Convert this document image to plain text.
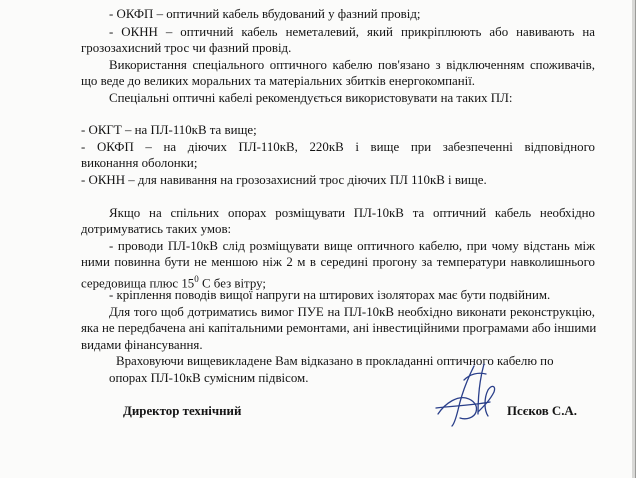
- ОКФП – оптичний кабель вбудований у фазний провід;
- ОКНН – оптичний кабель неметалевий, який прикріплюють або навивають на
грозозахисний трос чи фазний провід.
Використання спеціального оптичного кабелю пов'язано з відключенням споживачів,
що веде до великих моральних та матеріальних збитків енергокомпанії.
Спеціальні оптичні кабелі рекомендується використовувати на таких ПЛ:
- ОКГТ – на ПЛ-110кВ та вище;
- ОКФП – на діючих ПЛ-110кВ, 220кВ і вище при забезпеченні відповідного
виконання оболонки;
- ОКНН – для навивання на грозозахисний трос діючих ПЛ 110кВ і вище.
Якщо на спільних опорах розміщувати ПЛ-10кВ та оптичний кабель необхідно
дотримуватись таких умов:
- проводи ПЛ-10кВ слід розміщувати вище оптичного кабелю, при чому відстань між
ними повинна бути не меншою ніж 2 м в середині прогону за температури навколишнього
середовища плюс $15^0$ С без вітру;
- кріплення поводів вищої напруги на штирових ізоляторах має бути подвійним.
Для того щоб дотриматись вимог ПУЕ на ПЛ-10кВ необхідно виконати реконструкцію,
яка не передбачена ані капітальними ремонтами, ані інвестиційними програмами або іншими
видами фінансування.
Враховуючи вищевикладене Вам відказано в прокладанні оптичного кабелю по
опорах ПЛ-10кВ сумісним підвісом.
Директор технічний	Псєков С.А.
